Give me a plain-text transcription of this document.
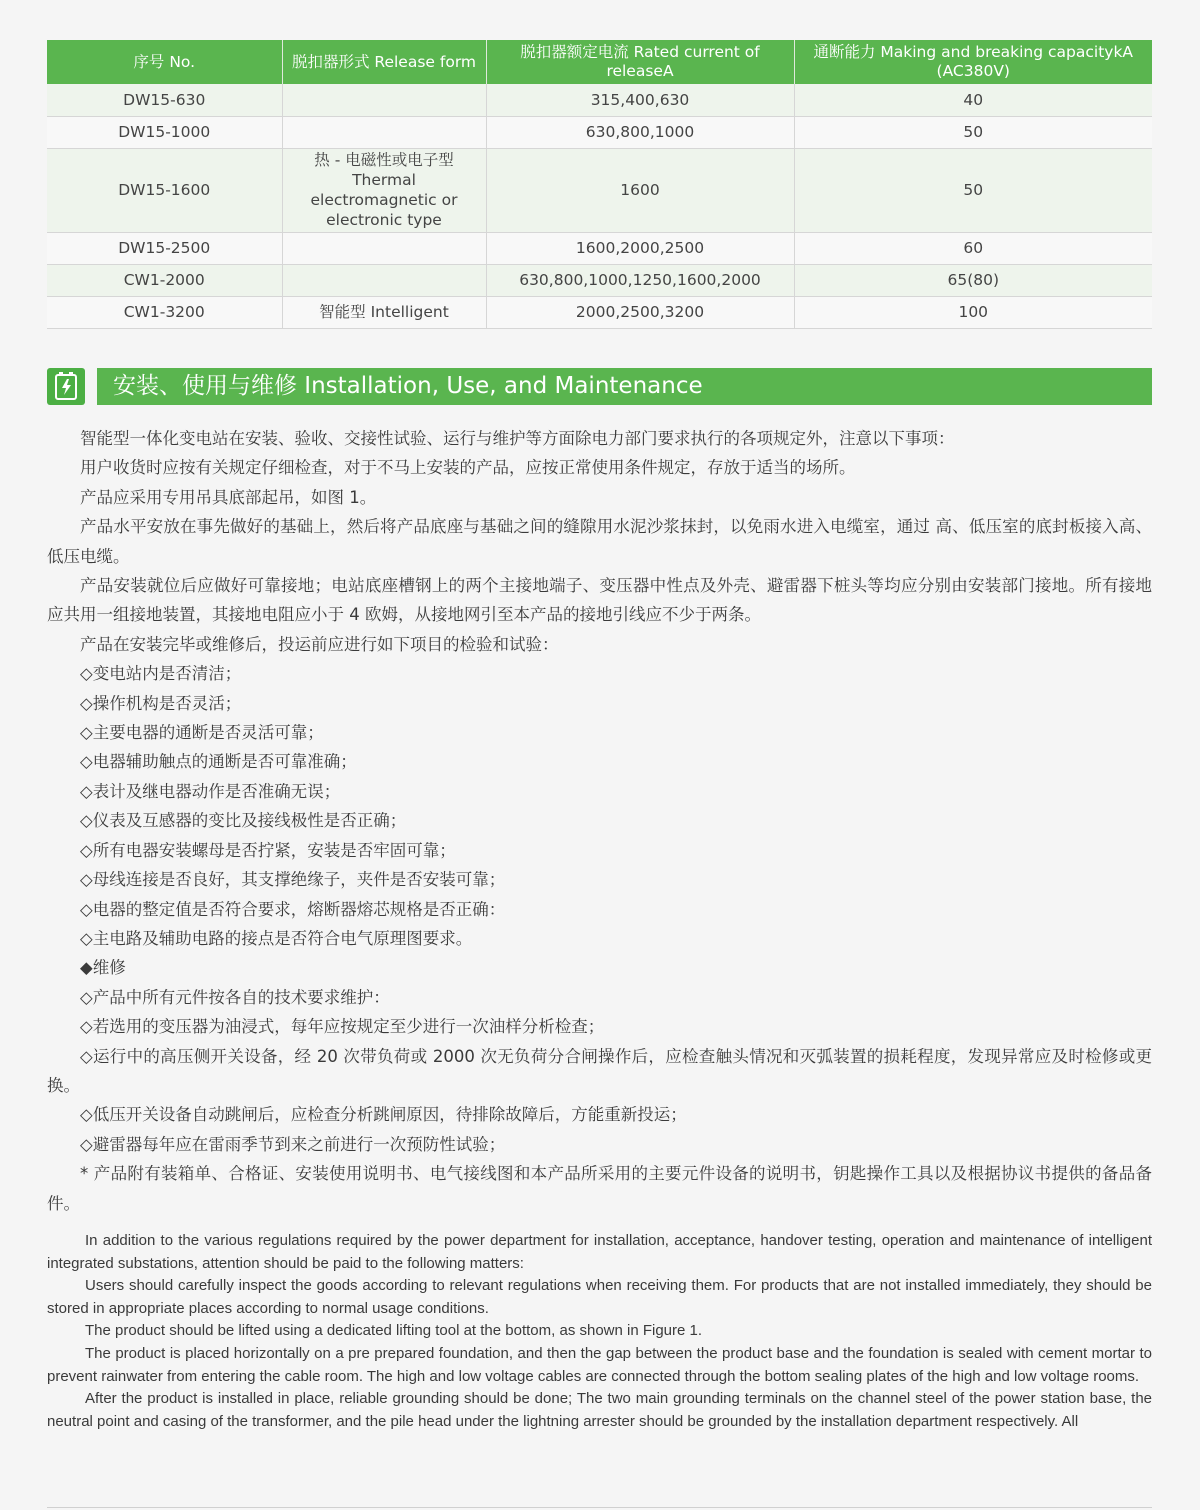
序号 No.	脱扣器形式 Release form	脱扣器额定电流 Rated current of releaseA	通断能力 Making and breaking capacitykA (AC380V)
DW15-630		315,400,630	40
DW15-1000		630,800,1000	50
DW15-1600	热 - 电磁性或电子型 Thermal electromagnetic or electronic type	1600	50
DW15-2500		1600,2000,2500	60
CW1-2000		630,800,1000,1250,1600,2000	65(80)
CW1-3200	智能型 Intelligent	2000,2500,3200	100
安装、使用与维修 Installation, Use, and Maintenance

智能型一体化变电站在安装、验收、交接性试验、运行与维护等方面除电力部门要求执行的各项规定外，注意以下事项：

用户收货时应按有关规定仔细检查，对于不马上安装的产品，应按正常使用条件规定，存放于适当的场所。

产品应采用专用吊具底部起吊，如图 1。

产品水平安放在事先做好的基础上，然后将产品底座与基础之间的缝隙用水泥沙浆抹封，以免雨水进入电缆室，通过 高、低压室的底封板接入高、低压电缆。

产品安装就位后应做好可靠接地；电站底座槽钢上的两个主接地端子、变压器中性点及外壳、避雷器下桩头等均应分别由安装部门接地。所有接地应共用一组接地装置，其接地电阻应小于 4 欧姆，从接地网引至本产品的接地引线应不少于两条。

产品在安装完毕或维修后，投运前应进行如下项目的检验和试验：

◇变电站内是否清洁；

◇操作机构是否灵活；

◇主要电器的通断是否灵活可靠；

◇电器辅助触点的通断是否可靠准确；

◇表计及继电器动作是否准确无误；

◇仪表及互感器的变比及接线极性是否正确；

◇所有电器安装螺母是否拧紧，安装是否牢固可靠；

◇母线连接是否良好，其支撑绝缘子，夹件是否安装可靠；

◇电器的整定值是否符合要求，熔断器熔芯规格是否正确：

◇主电路及辅助电路的接点是否符合电气原理图要求。

◆维修

◇产品中所有元件按各自的技术要求维护：

◇若选用的变压器为油浸式，每年应按规定至少进行一次油样分析检查；

◇运行中的高压侧开关设备，经 20 次带负荷或 2000 次无负荷分合闸操作后，应检查触头情况和灭弧装置的损耗程度，发现异常应及时检修或更换。

◇低压开关设备自动跳闸后，应检查分析跳闸原因，待排除故障后，方能重新投运；

◇避雷器每年应在雷雨季节到来之前进行一次预防性试验；

* 产品附有装箱单、合格证、安装使用说明书、电气接线图和本产品所采用的主要元件设备的说明书，钥匙操作工具以及根据协议书提供的备品备件。

In addition to the various regulations required by the power department for installation, acceptance, handover testing, operation and maintenance of intelligent integrated substations, attention should be paid to the following matters:

Users should carefully inspect the goods according to relevant regulations when receiving them. For products that are not installed immediately, they should be stored in appropriate places according to normal usage conditions.

The product should be lifted using a dedicated lifting tool at the bottom, as shown in Figure 1.

The product is placed horizontally on a pre prepared foundation, and then the gap between the product base and the foundation is sealed with cement mortar to prevent rainwater from entering the cable room. The high and low voltage cables are connected through the bottom sealing plates of the high and low voltage rooms.

After the product is installed in place, reliable grounding should be done; The two main grounding terminals on the channel steel of the power station base, the neutral point and casing of the transformer, and the pile head under the lightning arrester should be grounded by the installation department respectively. All
